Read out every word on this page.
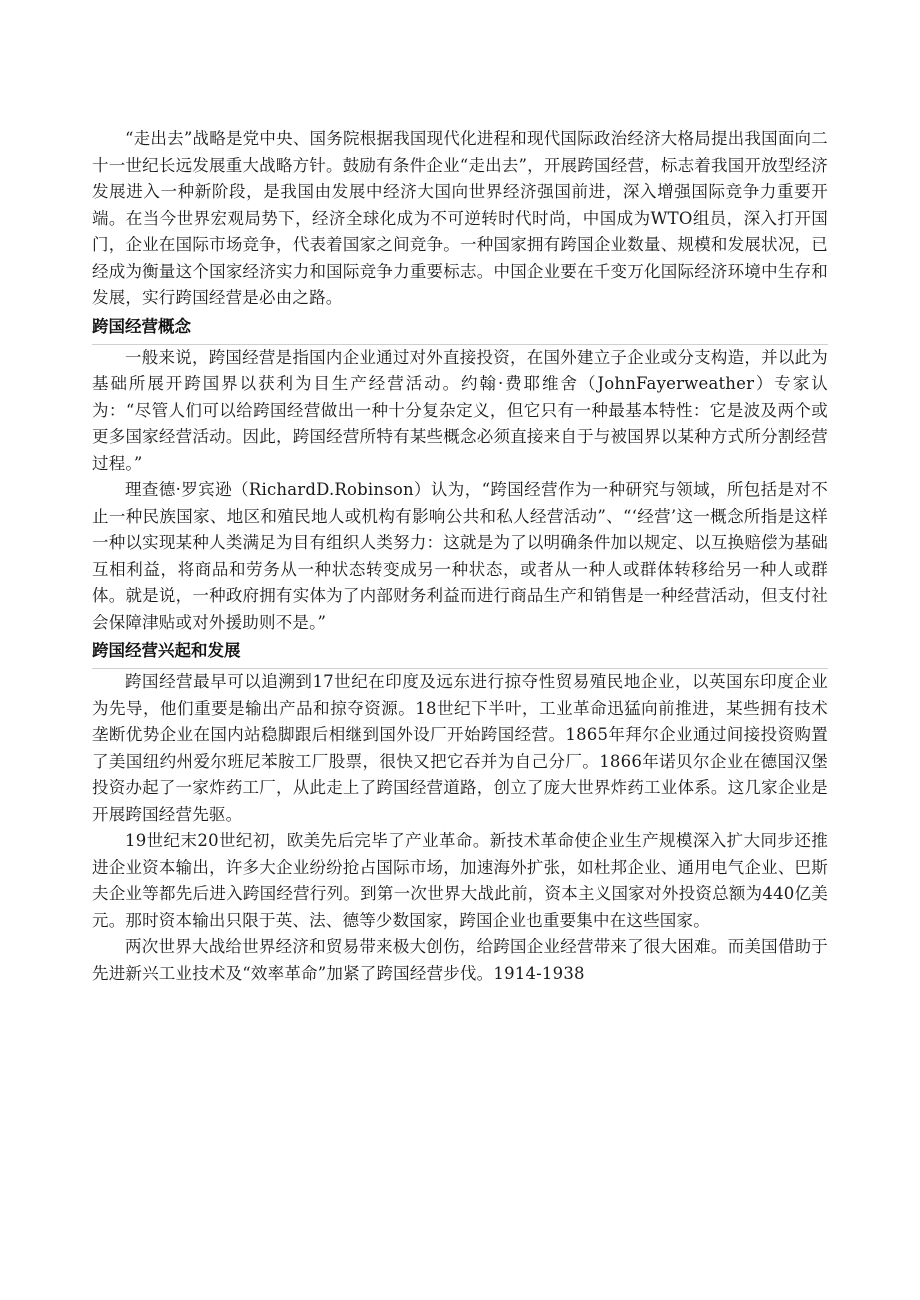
“走出去”战略是党中央、国务院根据我国现代化进程和现代国际政治经济大格局提出我国面向二十一世纪长远发展重大战略方针。鼓励有条件企业“走出去”，开展跨国经营，标志着我国开放型经济发展进入一种新阶段，是我国由发展中经济大国向世界经济强国前进，深入增强国际竞争力重要开端。在当今世界宏观局势下，经济全球化成为不可逆转时代时尚，中国成为WTO组员，深入打开国门，企业在国际市场竞争，代表着国家之间竞争。一种国家拥有跨国企业数量、规模和发展状况，已经成为衡量这个国家经济实力和国际竞争力重要标志。中国企业要在千变万化国际经济环境中生存和发展，实行跨国经营是必由之路。

跨国经营概念

一般来说，跨国经营是指国内企业通过对外直接投资，在国外建立子企业或分支构造，并以此为基础所展开跨国界以获利为目生产经营活动。约翰·费耶维舍（JohnFayerweather）专家认为：“尽管人们可以给跨国经营做出一种十分复杂定义，但它只有一种最基本特性：它是波及两个或更多国家经营活动。因此，跨国经营所特有某些概念必须直接来自于与被国界以某种方式所分割经营过程。”

理查德·罗宾逊（RichardD.Robinson）认为，“跨国经营作为一种研究与领域，所包括是对不止一种民族国家、地区和殖民地人或机构有影响公共和私人经营活动”、“‘经营’这一概念所指是这样一种以实现某种人类满足为目有组织人类努力：这就是为了以明确条件加以规定、以互换赔偿为基础互相利益，将商品和劳务从一种状态转变成另一种状态，或者从一种人或群体转移给另一种人或群体。就是说，一种政府拥有实体为了内部财务利益而进行商品生产和销售是一种经营活动，但支付社会保障津贴或对外援助则不是。”

跨国经营兴起和发展

跨国经营最早可以追溯到17世纪在印度及远东进行掠夺性贸易殖民地企业，以英国东印度企业为先导，他们重要是输出产品和掠夺资源。18世纪下半叶，工业革命迅猛向前推进，某些拥有技术垄断优势企业在国内站稳脚跟后相继到国外设厂开始跨国经营。1865年拜尔企业通过间接投资购置了美国纽约州爱尔班尼苯胺工厂股票，很快又把它吞并为自己分厂。1866年诺贝尔企业在德国汉堡投资办起了一家炸药工厂，从此走上了跨国经营道路，创立了庞大世界炸药工业体系。这几家企业是开展跨国经营先驱。

19世纪末20世纪初，欧美先后完毕了产业革命。新技术革命使企业生产规模深入扩大同步还推进企业资本输出，许多大企业纷纷抢占国际市场，加速海外扩张，如杜邦企业、通用电气企业、巴斯夫企业等都先后进入跨国经营行列。到第一次世界大战此前，资本主义国家对外投资总额为440亿美元。那时资本输出只限于英、法、德等少数国家，跨国企业也重要集中在这些国家。

两次世界大战给世界经济和贸易带来极大创伤，给跨国企业经营带来了很大困难。而美国借助于先进新兴工业技术及“效率革命”加紧了跨国经营步伐。1914-1938
